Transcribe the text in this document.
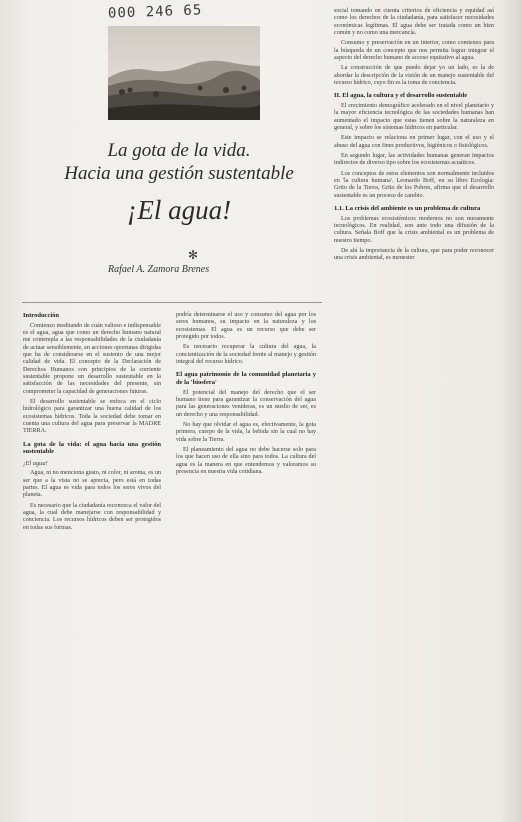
000 246 65
La gota de la vida.
Hacia una gestión sustentable
¡El agua!
✻
Rafael A. Zamora Brenes
Introducción

Comienzo meditando de cuán valioso e indispensable es el agua, agua que como un derecho humano natural me contempla a las responsabilidades de la ciudadanía de actuar sensiblemente, en acciones oportunas dirigidas que ha de considerarse en el sustento de una mejor calidad de vida. El concepto de la Declaración de Derechos Humanos con principios de la corriente sustentable propone un desarrollo sustentable en la satisfacción de las necesidades del presente, sin comprometer la capacidad de generaciones futuras.

El desarrollo sustentable se enfoca en el ciclo hidrológico para garantizar una buena calidad de los ecosistemas hídricos. Toda la sociedad debe tomar en cuenta una cultura del agua para preservar la MADRE TIERRA.

La gota de la vida: el agua hacia una gestión sustentable
¡El agua!

Agua, ni no menciona gusto, ni color, ni aroma, es un ser que a la vista no se aprecia, pero está en todas partes. El agua es vida para todos los seres vivos del planeta.

Es necesario que la ciudadanía reconozca el valor del agua, la cual debe manejarse con responsabilidad y conciencia. Los recursos hídricos deben ser protegidos en todas sus formas.

podría determinarse el uso y consumo del agua por los seres humanos, su impacto en la naturaleza y los ecosistemas. El agua es un recurso que debe ser protegido por todos.

Es necesario recuperar la cultura del agua, la concientización de la sociedad frente al manejo y gestión integral del recurso hídrico.

El agua patrimonio de la comunidad planetaria y de la 'biosfera'

El potencial del manejo del derecho que el ser humano tiene para garantizar la conservación del agua para las generaciones venideras, es un medio de ser, es un derecho y una responsabilidad.

No hay que olvidar el agua es, efectivamente, la gota primera, cuerpo de la vida, la bebida sin la cual no hay vida sobre la Tierra.

El planeamiento del agua no debe hacerse solo para los que hacen uso de ella sino para todos. La cultura del agua es la manera en que entendemos y valoramos su presencia en nuestra vida cotidiana.

social tomando en cuenta criterios de eficiencia y equidad así como los derechos de la ciudadanía, para satisfacer necesidades económicas legítimas. El agua debe ser tratada como un bien común y no como una mercancía.

Consumo y preservación en un interior, como comienzo para la búsqueda de un concepto que nos permita lograr integrar el aspecto del derecho humano de acceso equitativo al agua.

La construcción de que puedo dejar yo un lado, es la de abordar la descripción de la visión de un manejo sustentable del recurso hídrico, cuyo fin es la toma de conciencia.

II. El agua, la cultura y el desarrollo sustentable

El crecimiento demográfico acelerado en el nivel planetario y la mayor eficiencia tecnológica de las sociedades humanas han aumentado el impacto que estas tienen sobre la naturaleza en general, y sobre los sistemas hídricos en particular.

Este impacto se relaciona en primer lugar, con el uso y el abuso del agua con fines productivos, higiénicos o fisiológicos.

En segundo lugar, las actividades humanas generan impactos indirectos de diverso tipo sobre los ecosistemas acuáticos.

Los conceptos de estos elementos son normalmente incluidos en 'la cultura humana'. Leonardo Boff, en su libro Ecología: Grito de la Tierra, Grito de los Pobres, afirma que el desarrollo sustentable es un proceso de cambio.

1.1. La crisis del ambiente es un problema de cultura

Los problemas ecosistémicos modernos no son meramente tecnológicos. En realidad, son ante todo una difusión de la cultura. Señala Boff que la crisis ambiental es un problema de nuestro tiempo.

De ahí la importancia de la cultura, que para poder reconocer una crisis ambiental, es menester
